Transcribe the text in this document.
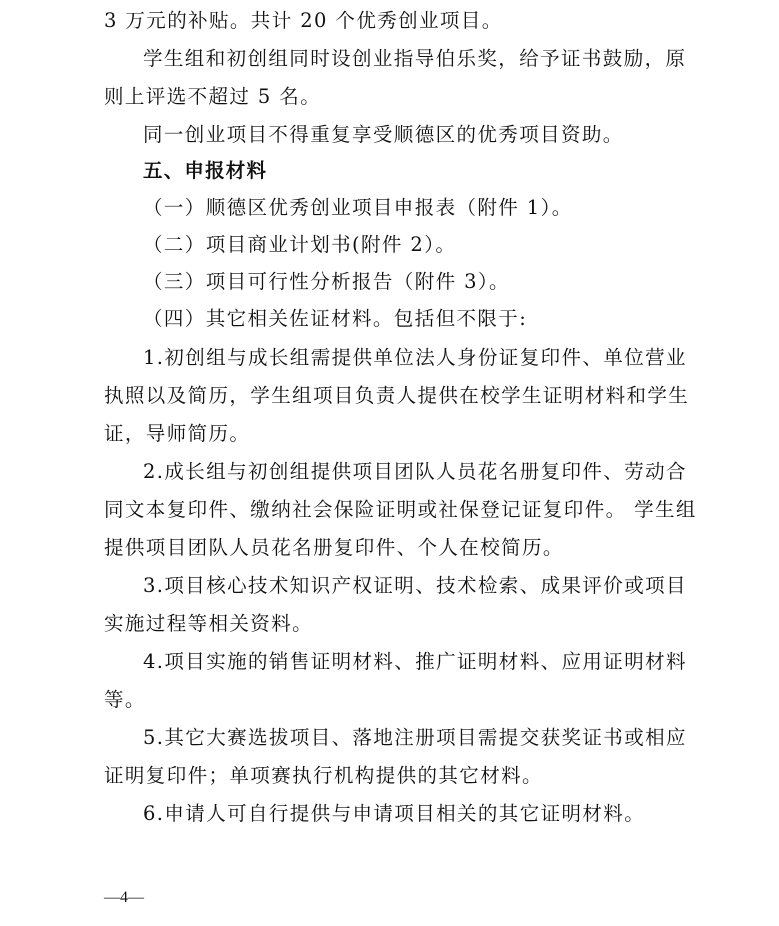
3 万元的补贴。共计 20 个优秀创业项目。
学生组和初创组同时设创业指导伯乐奖，给予证书鼓励，原
则上评选不超过 5 名。
同一创业项目不得重复享受顺德区的优秀项目资助。
五、申报材料
（一）顺德区优秀创业项目申报表（附件 1）。
（二）项目商业计划书(附件 2）。
（三）项目可行性分析报告（附件 3）。
（四）其它相关佐证材料。包括但不限于:
1.初创组与成长组需提供单位法人身份证复印件、单位营业
执照以及简历，学生组项目负责人提供在校学生证明材料和学生
证，导师简历。
2.成长组与初创组提供项目团队人员花名册复印件、劳动合
同文本复印件、缴纳社会保险证明或社保登记证复印件。 学生组
提供项目团队人员花名册复印件、个人在校简历。
3.项目核心技术知识产权证明、技术检索、成果评价或项目
实施过程等相关资料。
4.项目实施的销售证明材料、推广证明材料、应用证明材料
等。
5.其它大赛选拔项目、落地注册项目需提交获奖证书或相应
证明复印件；单项赛执行机构提供的其它材料。
6.申请人可自行提供与申请项目相关的其它证明材料。
—4—
